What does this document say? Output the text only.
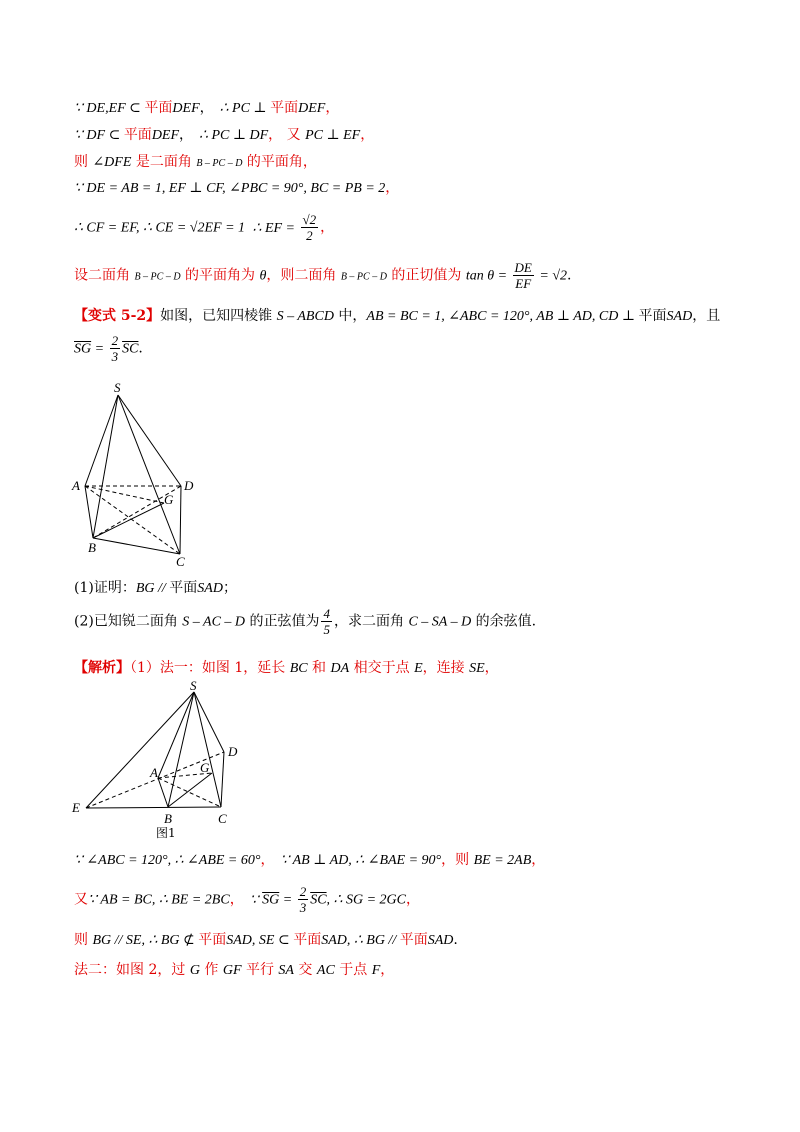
∵ DE,EF ⊂ 平面DEF， ∴ PC ⊥ 平面DEF，
∵ DF ⊂ 平面DEF， ∴ PC ⊥ DF， 又 PC ⊥ EF，
则 ∠DFE 是二面角 B – PC – D 的平面角，
∵ DE = AB = 1, EF ⊥ CF, ∠PBC = 90°, BC = PB = 2，
∴ CF = EF, ∴ CE = √2EF = 1 ∴ EF = $\frac{√2}{2}$ ，
设二面角 B – PC – D 的平面角为 θ，则二面角 B – PC – D 的正切值为 $\tan \theta = \frac{DE}{EF} = √2$.
【变式 5-2】如图，已知四棱锥 S – ABCD 中，AB = BC = 1, ∠ABC = 120°, AB ⊥ AD, CD ⊥ 平面SAD，且
$\overline{SG} = \frac{2}{3} \overline{SC}$.
S
A	D
G
B
C
(1)证明：BG // 平面SAD；
(2)已知锐二面角 S – AC – D 的正弦值为 $\frac{4}{5}$ ，求二面角 C – SA – D 的余弦值.
【解析】（1）法一：如图 1，延长 BC 和 DA 相交于点 E，连接 SE，
S
D
A	G
E
B	C
图1
∵ ∠ABC = 120°, ∴ ∠ABE = 60°， ∵ AB ⊥ AD, ∴ ∠BAE = 90°，则 BE = 2AB，
又∵ AB = BC, ∴ BE = 2BC， ∵ $\overline{SG} = \frac{2}{3} \overline{SC}$, ∴ SG = 2GC，
则 BG // SE, ∴ BG ⊄ 平面SAD, SE ⊂ 平面SAD, ∴ BG // 平面SAD.
法二：如图 2，过 G 作 GF 平行 SA 交 AC 于点 F，
